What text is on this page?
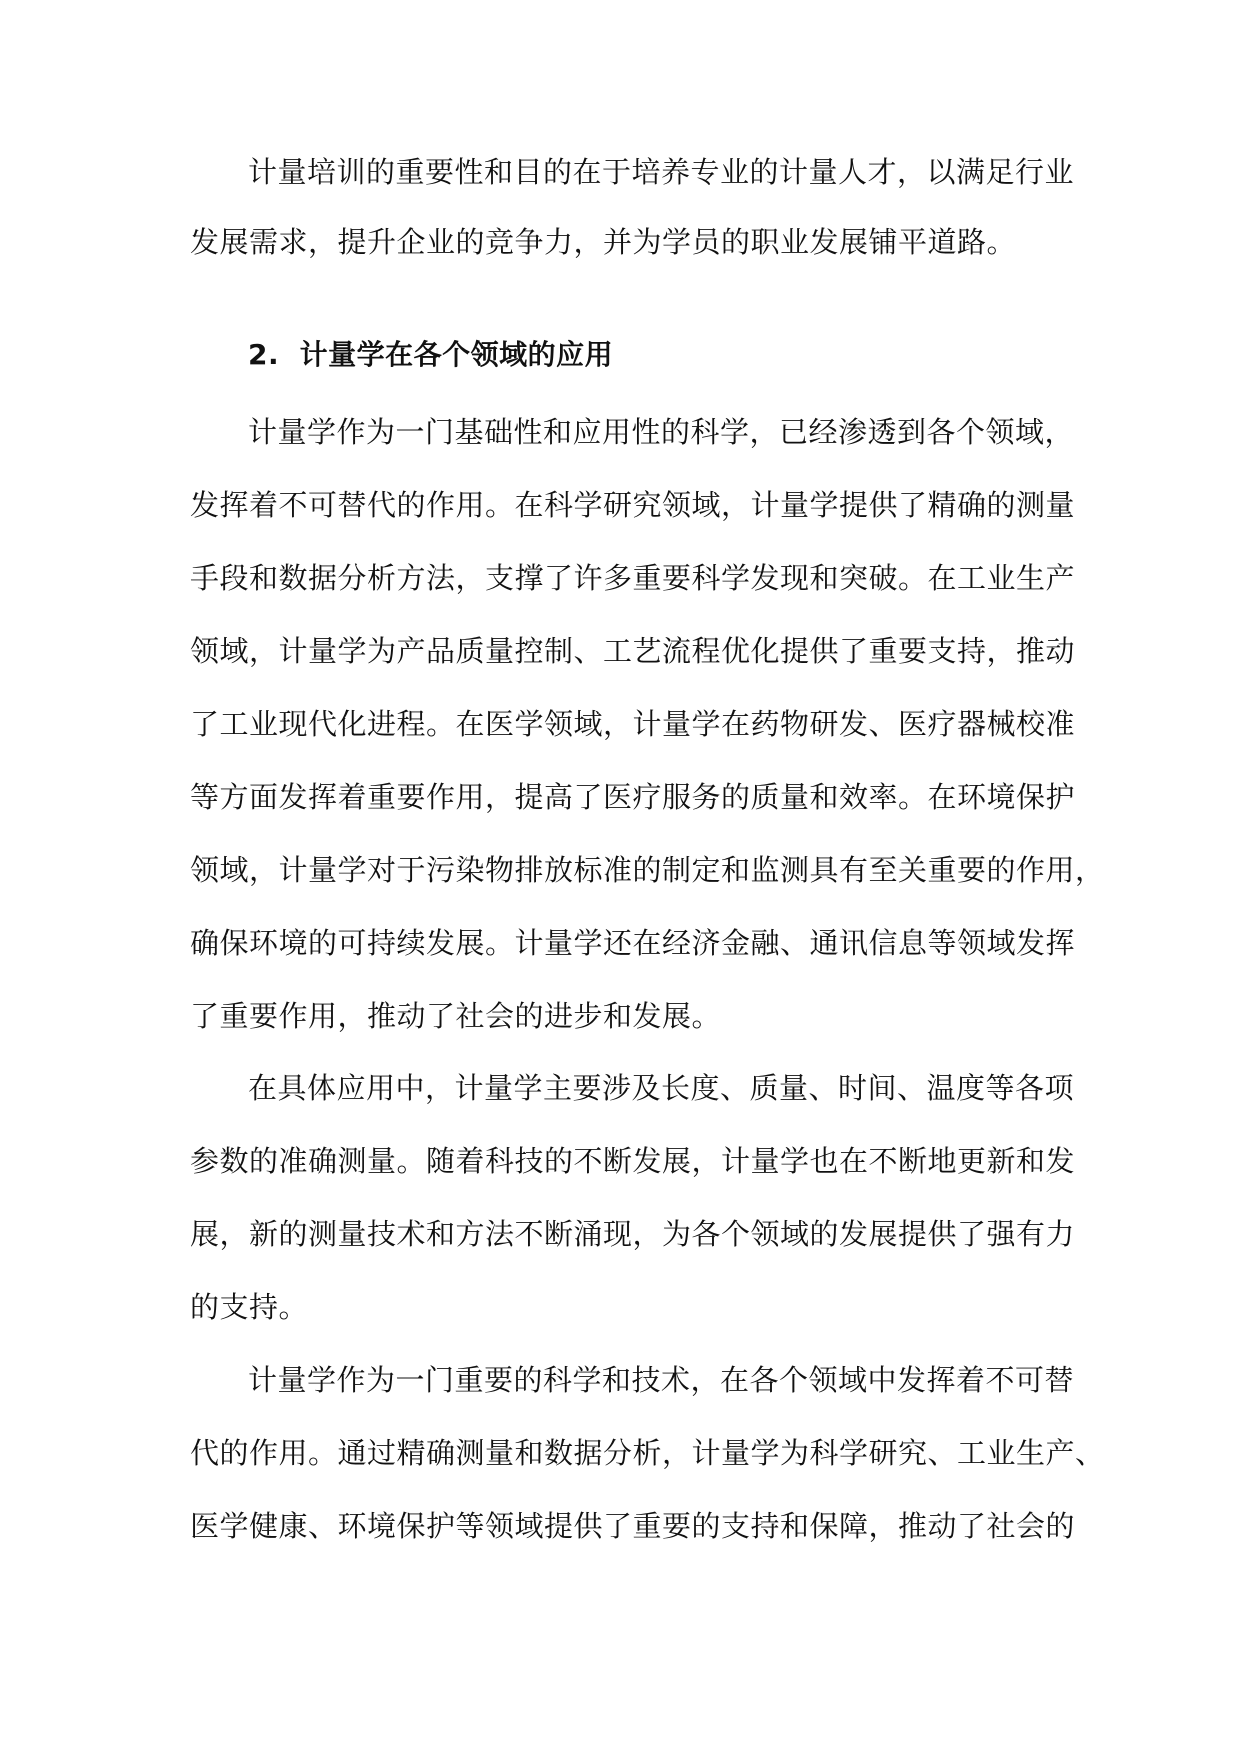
计量培训的重要性和目的在于培养专业的计量人才，以满足行业
发展需求，提升企业的竞争力，并为学员的职业发展铺平道路。
2. 计量学在各个领域的应用
计量学作为一门基础性和应用性的科学，已经渗透到各个领域，
发挥着不可替代的作用。在科学研究领域，计量学提供了精确的测量
手段和数据分析方法，支撑了许多重要科学发现和突破。在工业生产
领域，计量学为产品质量控制、工艺流程优化提供了重要支持，推动
了工业现代化进程。在医学领域，计量学在药物研发、医疗器械校准
等方面发挥着重要作用，提高了医疗服务的质量和效率。在环境保护
领域，计量学对于污染物排放标准的制定和监测具有至关重要的作用，
确保环境的可持续发展。计量学还在经济金融、通讯信息等领域发挥
了重要作用，推动了社会的进步和发展。
在具体应用中，计量学主要涉及长度、质量、时间、温度等各项
参数的准确测量。随着科技的不断发展，计量学也在不断地更新和发
展，新的测量技术和方法不断涌现，为各个领域的发展提供了强有力
的支持。
计量学作为一门重要的科学和技术，在各个领域中发挥着不可替
代的作用。通过精确测量和数据分析，计量学为科学研究、工业生产、
医学健康、环境保护等领域提供了重要的支持和保障，推动了社会的
